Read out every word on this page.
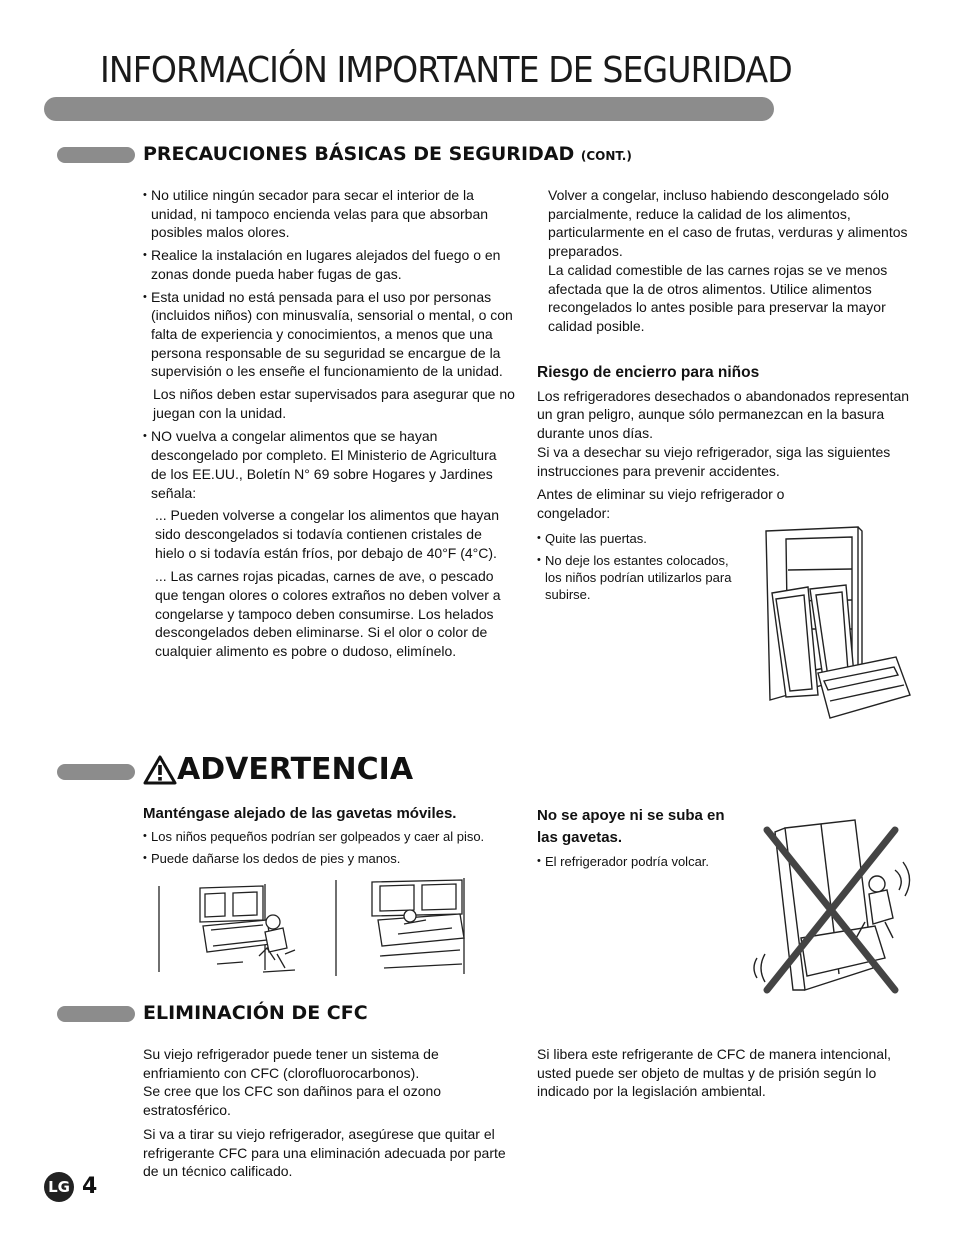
INFORMACIÓN IMPORTANTE DE SEGURIDAD
PRECAUCIONES BÁSICAS DE SEGURIDAD (CONT.)
• No utilice ningún secador para secar el interior de la unidad, ni tampoco encienda velas para que absorban posibles malos olores.
• Realice la instalación en lugares alejados del fuego o en zonas donde pueda haber fugas de gas.
• Esta unidad no está pensada para el uso por personas (incluidos niños) con minusvalía, sensorial o mental, o con falta de experiencia y conocimientos, a menos que una persona responsable de su seguridad se encargue de la supervisión o les enseñe el funcionamiento de la unidad.

Los niños deben estar supervisados para asegurar que no juegan con la unidad.

• NO vuelva a congelar alimentos que se hayan descongelado por completo. El Ministerio de Agricultura de los EE.UU., Boletín N° 69 sobre Hogares y Jardines señala:

... Pueden volverse a congelar los alimentos que hayan sido descongelados si todavía contienen cristales de hielo o si todavía están fríos, por debajo de 40°F (4°C).

... Las carnes rojas picadas, carnes de ave, o pescado que tengan olores o colores extraños no deben volver a congelarse y tampoco deben consumirse. Los helados descongelados deben eliminarse. Si el olor o color de cualquier alimento es pobre o dudoso, elimínelo.

Volver a congelar, incluso habiendo descongelado sólo parcialmente, reduce la calidad de los alimentos, particularmente en el caso de frutas, verduras y alimentos preparados.
La calidad comestible de las carnes rojas se ve menos afectada que la de otros alimentos. Utilice alimentos recongelados lo antes posible para preservar la mayor calidad posible.
Riesgo de encierro para niños
Los refrigeradores desechados o abandonados representan un gran peligro, aunque sólo permanezcan en la basura durante unos días.

Si va a desechar su viejo refrigerador, siga las siguientes instrucciones para prevenir accidentes.

Antes de eliminar su viejo refrigerador o congelador:

• Quite las puertas.
• No deje los estantes colocados, los niños podrían utilizarlos para subirse.
ADVERTENCIA
Manténgase alejado de las gavetas móviles.
• Los niños pequeños podrían ser golpeados y caer al piso.
• Puede dañarse los dedos de pies y manos.
No se apoye ni se suba en las gavetas.
• El refrigerador podría volcar.
ELIMINACIÓN DE CFC
Su viejo refrigerador puede tener un sistema de enfriamiento con CFC (clorofluorocarbonos).

Se cree que los CFC son dañinos para el ozono estratosférico.

Si va a tirar su viejo refrigerador, asegúrese que quitar el refrigerante CFC para una eliminación adecuada por parte de un técnico calificado.

Si libera este refrigerante de CFC de manera intencional, usted puede ser objeto de multas y de prisión según lo indicado por la legislación ambiental.
LG 4
